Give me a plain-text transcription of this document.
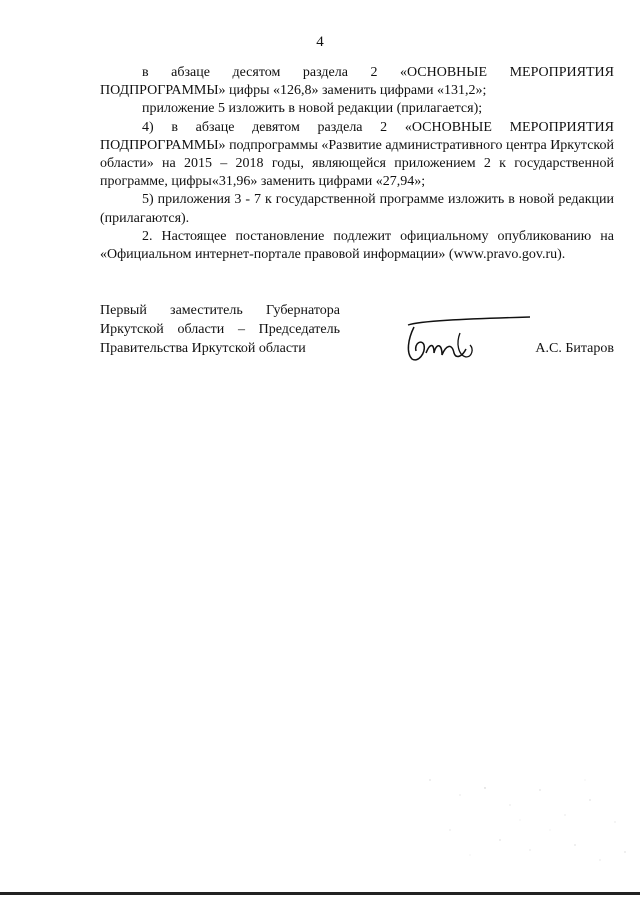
4

в абзаце десятом раздела 2 «ОСНОВНЫЕ МЕРОПРИЯТИЯ ПОДПРОГРАММЫ» цифры «126,8» заменить цифрами «131,2»;

приложение 5 изложить в новой редакции (прилагается);

4) в абзаце девятом раздела 2 «ОСНОВНЫЕ МЕРОПРИЯТИЯ ПОДПРОГРАММЫ» подпрограммы «Развитие административного центра Иркутской области» на 2015 – 2018 годы, являющейся приложением 2 к государственной программе, цифры«31,96» заменить цифрами «27,94»;

5) приложения 3 - 7 к государственной программе изложить в новой редакции (прилагаются).

2. Настоящее постановление подлежит официальному опубликованию на «Официальном интернет-портале правовой информации» (www.pravo.gov.ru).

Первый заместитель Губернатора
Иркутской области – Председатель
Правительства Иркутской области	А.С. Битаров
